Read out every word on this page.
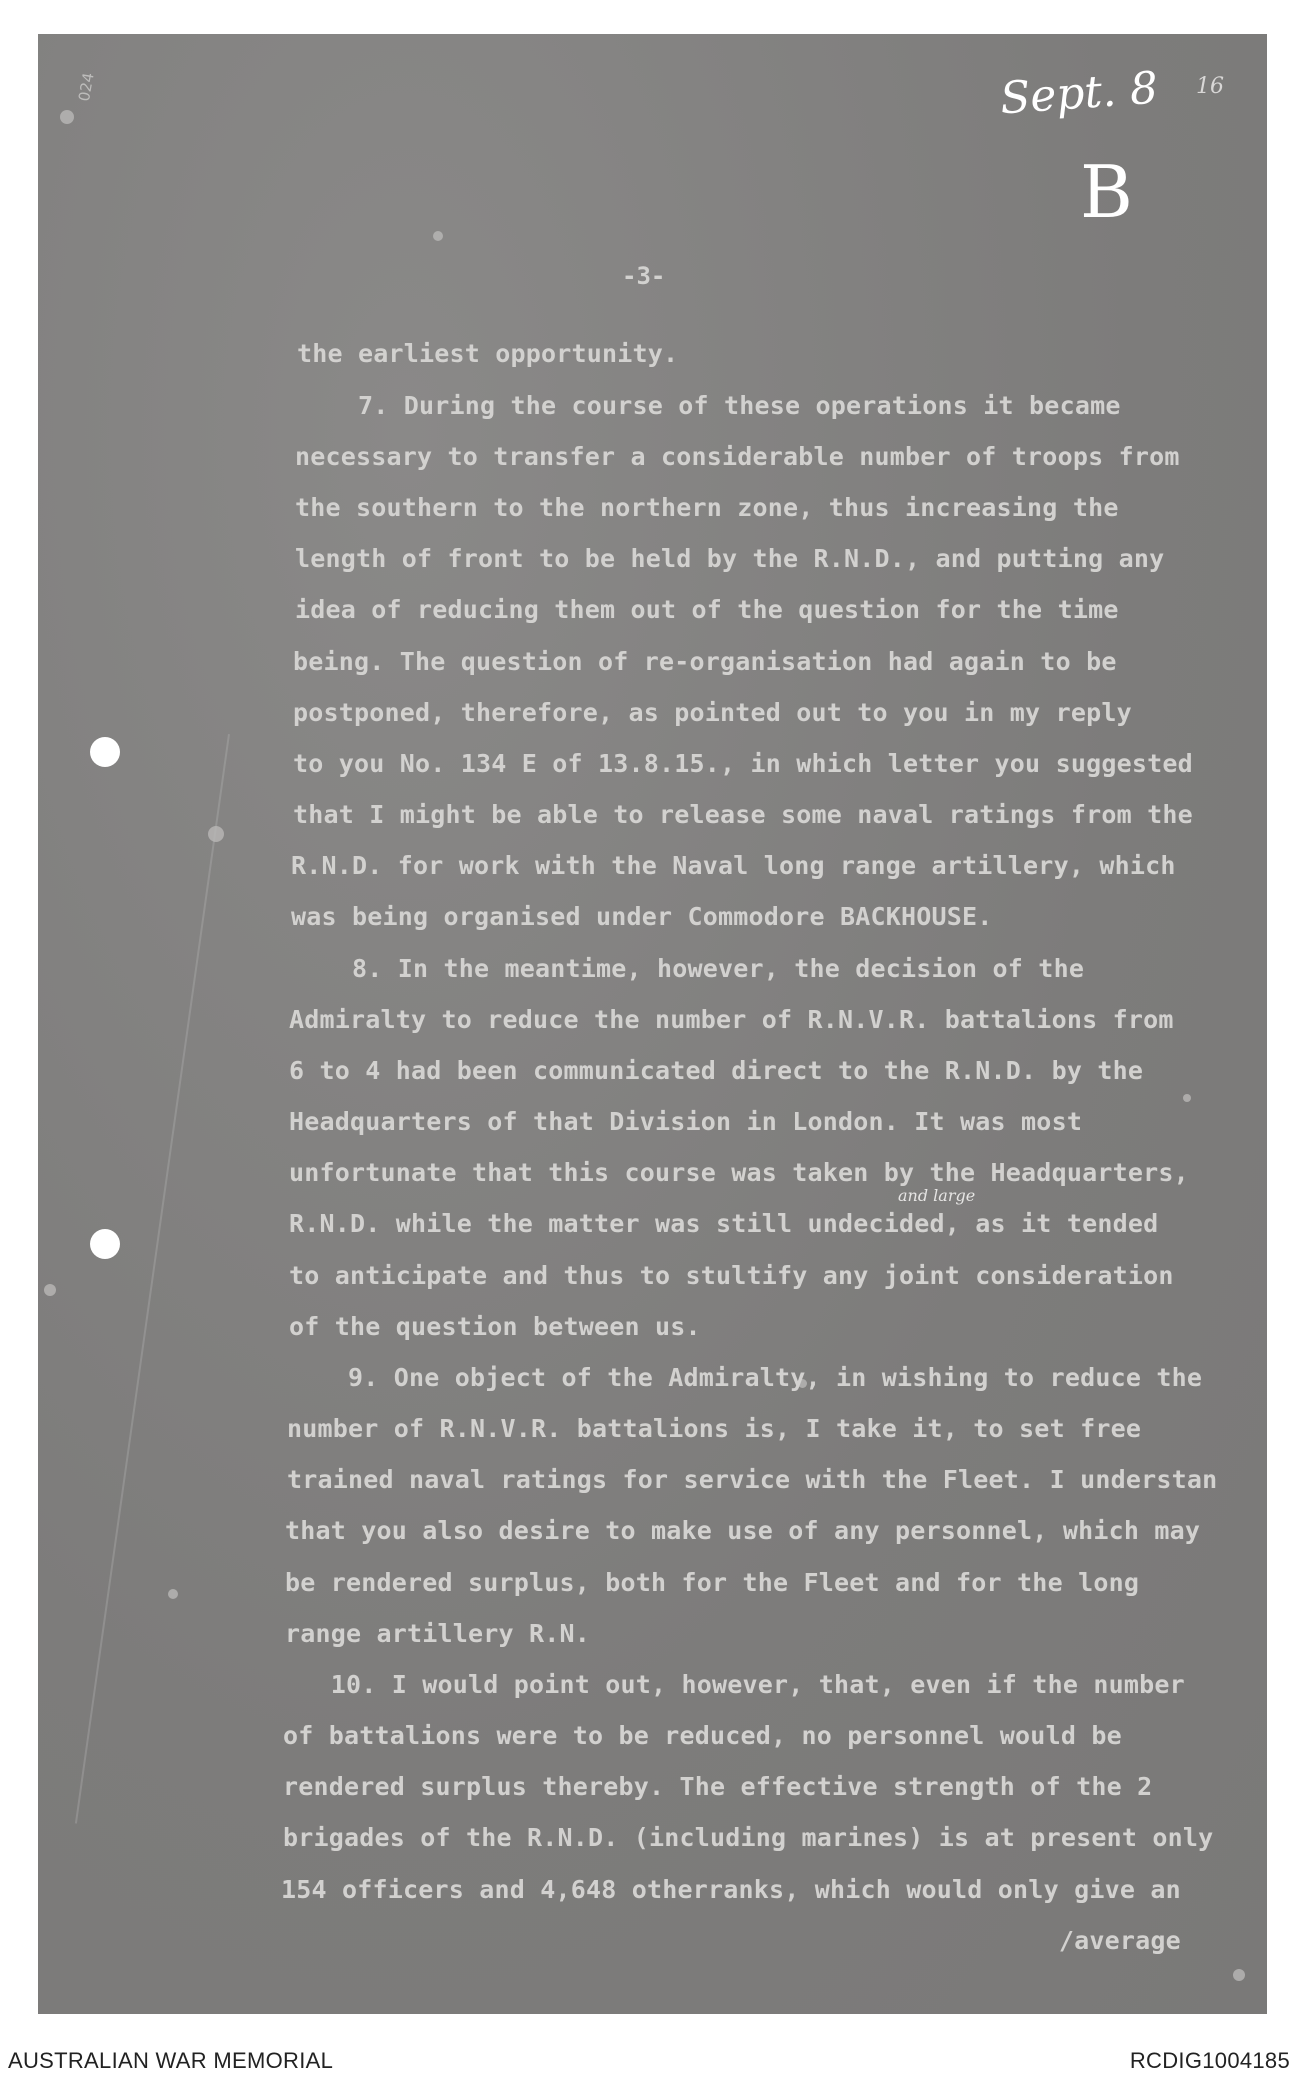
024	Sept. 8 16
B
and large
-3-
the earliest opportunity.
7. During the course of these operations it became
necessary to transfer a considerable number of troops from
the southern to the northern zone, thus increasing the
length of front to be held by the R.N.D., and putting any
idea of reducing them out of the question for the time
being. The question of re-organisation had again to be
postponed, therefore, as pointed out to you in my reply
to you No. 134 E of 13.8.15., in which letter you suggested
that I might be able to release some naval ratings from the
R.N.D. for work with the Naval long range artillery, which
was being organised under Commodore BACKHOUSE.
8. In the meantime, however, the decision of the
Admiralty to reduce the number of R.N.V.R. battalions from
6 to 4 had been communicated direct to the R.N.D. by the
Headquarters of that Division in London. It was most
unfortunate that this course was taken by the Headquarters,
R.N.D. while the matter was still undecided, as it tended
to anticipate and thus to stultify any joint consideration
of the question between us.
9. One object of the Admiralty, in wishing to reduce the
number of R.N.V.R. battalions is, I take it, to set free
trained naval ratings for service with the Fleet. I understan
that you also desire to make use of any personnel, which may
be rendered surplus, both for the Fleet and for the long
range artillery R.N.
10. I would point out, however, that, even if the number
of battalions were to be reduced, no personnel would be
rendered surplus thereby. The effective strength of the 2
brigades of the R.N.D. (including marines) is at present only
154 officers and 4,648 otherranks, which would only give an
/average
AUSTRALIAN WAR MEMORIAL	RCDIG1004185
